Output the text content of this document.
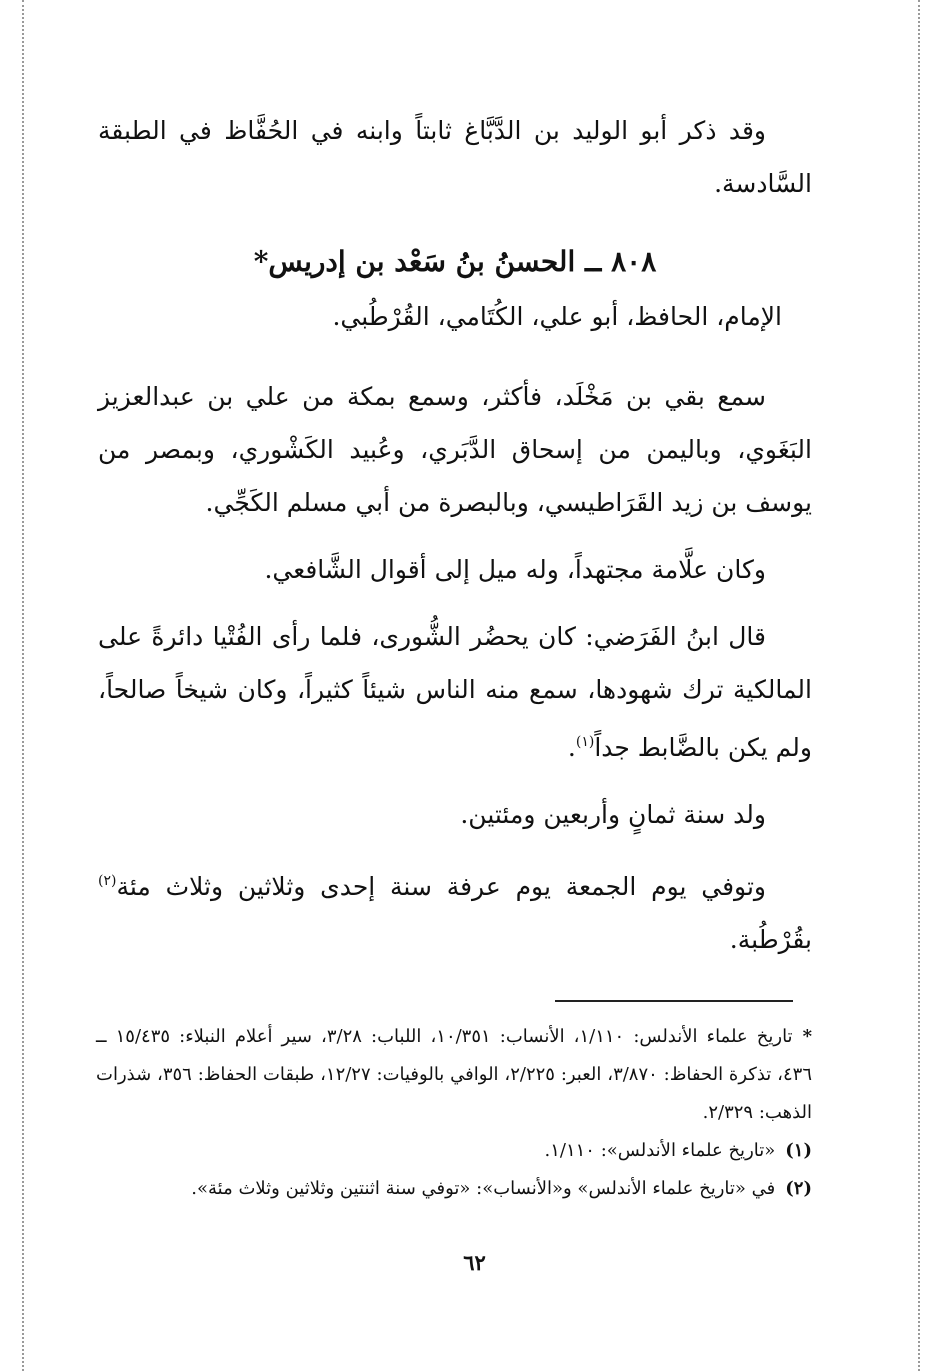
وقد ذكر أبو الوليد بن الدَّبَّاغ ثابتاً وابنه في الحُفَّاظ في الطبقة السَّادسة.

٨٠٨ ــ الحسنُ بنُ سَعْد بن إدريس*

الإمام، الحافظ، أبو علي، الكُتَامي، القُرْطُبي.

سمع بقي بن مَخْلَد، فأكثر، وسمع بمكة من علي بن عبدالعزيز البَغَوي، وباليمن من إسحاق الدَّبَري، وعُبيد الكَشْوري، وبمصر من يوسف بن زيد القَرَاطيسي، وبالبصرة من أبي مسلم الكَجِّي.

وكان علَّامة مجتهداً، وله ميل إلى أقوال الشَّافعي.

قال ابنُ الفَرَضي: كان يحضُر الشُّورى، فلما رأى الفُتْيا دائرةً على المالكية ترك شهودها، سمع منه الناس شيئاً كثيراً، وكان شيخاً صالحاً، ولم يكن بالضَّابط جداً$^{(١)}$.

ولد سنة ثمانٍ وأربعين ومئتين.

وتوفي يوم الجمعة يوم عرفة سنة إحدى وثلاثين وثلاث مئة$^{(٢)}$ بقُرْطُبة.

*تاريخ علماء الأندلس: ١/١١٠، الأنساب: ١٠/٣٥١، اللباب: ٣/٢٨، سير أعلام النبلاء: ١٥/٤٣٥ ــ ٤٣٦، تذكرة الحفاظ: ٣/٨٧٠، العبر: ٢/٢٢٥، الوافي بالوفيات: ١٢/٢٧، طبقات الحفاظ: ٣٥٦، شذرات الذهب: ٢/٣٢٩.

(١)«تاريخ علماء الأندلس»: ١/١١٠.

(٢)في «تاريخ علماء الأندلس» و«الأنساب»: «توفي سنة اثنتين وثلاثين وثلاث مئة».

٦٢
